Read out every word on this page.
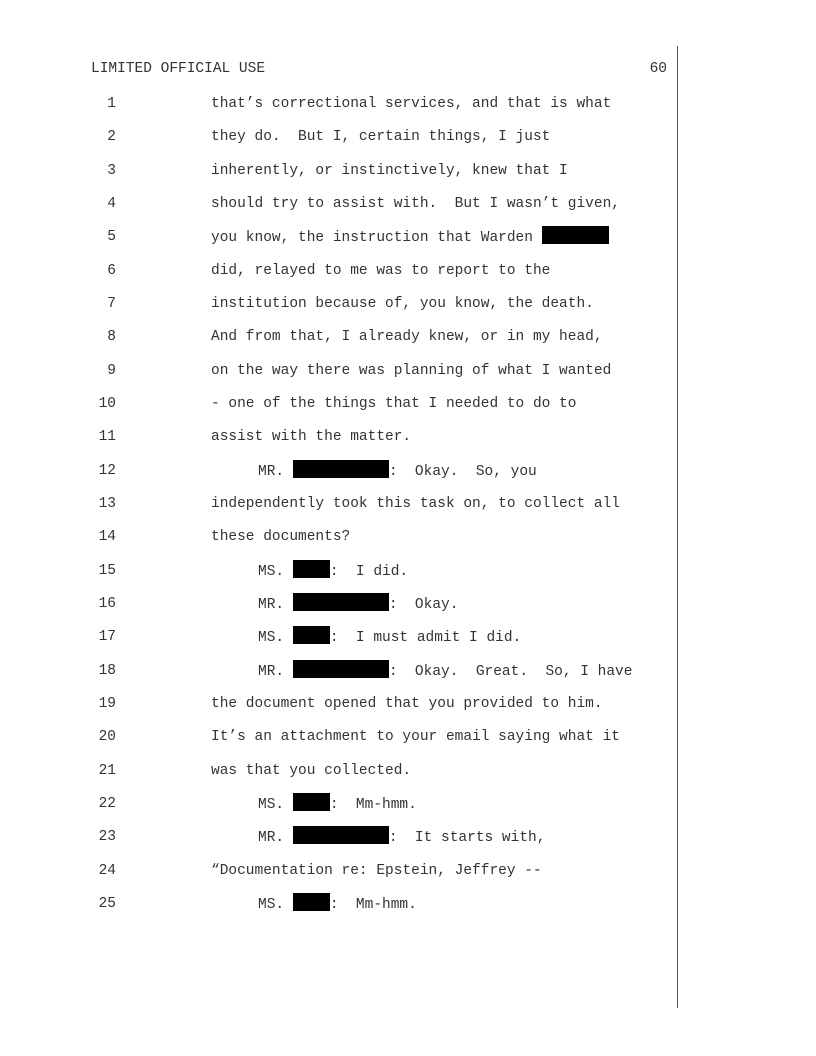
LIMITED OFFICIAL USE	60
1	that’s correctional services, and that is what
2	they do.  But I, certain things, I just
3	inherently, or instinctively, knew that I
4	should try to assist with.  But I wasn’t given,
5	you know, the instruction that Warden
6	did, relayed to me was to report to the
7	institution because of, you know, the death.
8	And from that, I already knew, or in my head,
9	on the way there was planning of what I wanted
10	- one of the things that I needed to do to
11	assist with the matter.
12	MR.	:  Okay.  So, you
13	independently took this task on, to collect all
14	these documents?
15	MS.	:  I did.
16	MR.	:  Okay.
17	MS.	:  I must admit I did.
18	MR.	:  Okay.  Great.  So, I have
19	the document opened that you provided to him.
20	It’s an attachment to your email saying what it
21	was that you collected.
22	MS.	:  Mm-hmm.
23	MR.	:  It starts with,
24	“Documentation re: Epstein, Jeffrey --
25	MS.	:  Mm-hmm.
